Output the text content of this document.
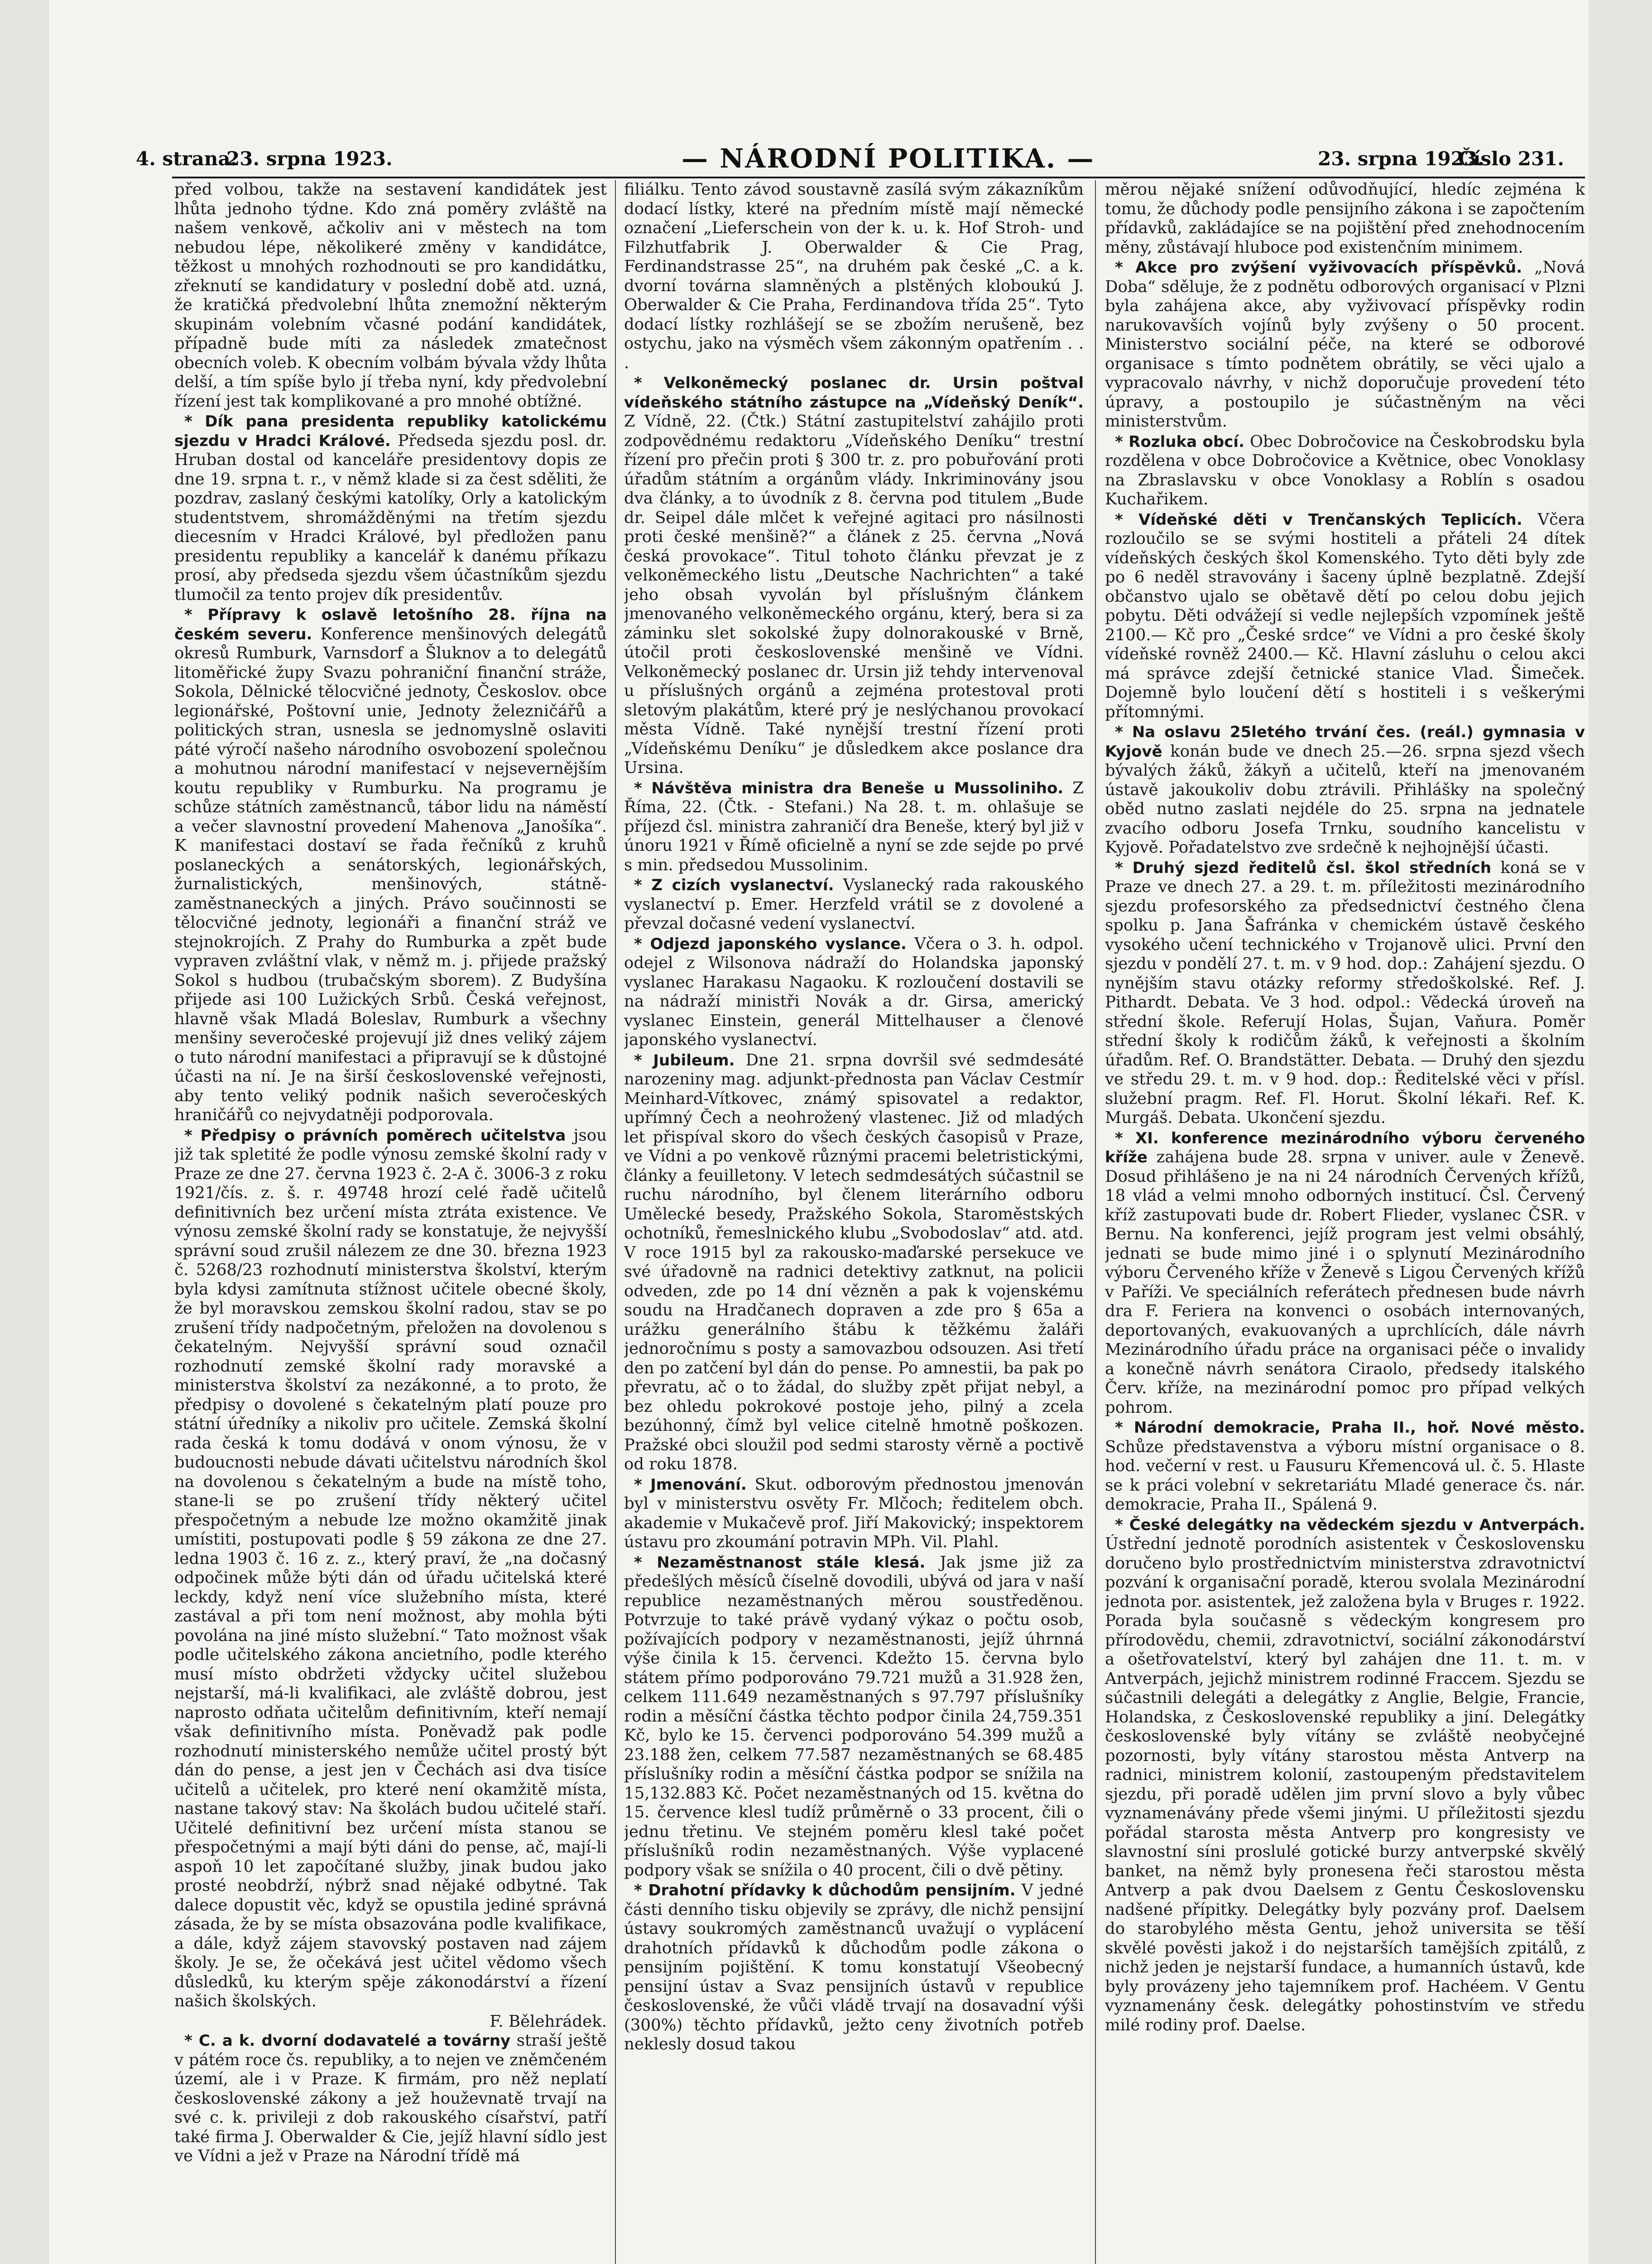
4. strana.
23. srpna 1923.	— NÁRODNÍ POLITIKA. —	23. srpna 1923.
Číslo 231.

před volbou, takže na sestavení kandidátek jest lhůta jednoho týdne. Kdo zná poměry zvláště na našem venkově, ačkoliv ani v městech na tom nebudou lépe, několikeré změny v kandidátce, těžkost u mnohých rozhodnouti se pro kandidátku, zřeknutí se kandidatury v poslední době atd. uzná, že kratičká předvolební lhůta znemožní některým skupinám volebním včasné podání kandidátek, případně bude míti za následek zmatečnost obecních voleb. K obecním volbám bývala vždy lhůta delší, a tím spíše bylo jí třeba nyní, kdy předvolební řízení jest tak komplikované a pro mnohé obtížné.

* Dík pana presidenta republiky katolickému sjezdu v Hradci Králové. Předseda sjezdu posl. dr. Hruban dostal od kanceláře presidentovy dopis ze dne 19. srpna t. r., v němž klade si za čest sděliti, že pozdrav, zaslaný českými katolíky, Orly a katolickým studentstvem, shromážděnými na třetím sjezdu diecesním v Hradci Králové, byl předložen panu presidentu republiky a kancelář k danému příkazu prosí, aby předseda sjezdu všem účastníkům sjezdu tlumočil za tento projev dík presidentův.

* Přípravy k oslavě letošního 28. října na českém severu. Konference menšinových delegátů okresů Rumburk, Varnsdorf a Šluknov a to delegátů litoměřické župy Svazu pohraniční finanční stráže, Sokola, Dělnické tělocvičné jednoty, Českoslov. obce legionářské, Poštovní unie, Jednoty železničářů a politických stran, usnesla se jednomyslně oslaviti páté výročí našeho národního osvobození společnou a mohutnou národní manifestací v nejsevernějším koutu republiky v Rumburku. Na programu je schůze státních zaměstnanců, tábor lidu na náměstí a večer slavnostní provedení Mahenova „Janošíka“. K manifestaci dostaví se řada řečníků z kruhů poslaneckých a senátorských, legionářských, žurnalistických, menšinových, státně-zaměstnaneckých a jiných. Právo součinnosti se tělocvičné jednoty, legionáři a finanční stráž ve stejnokrojích. Z Prahy do Rumburka a zpět bude vypraven zvláštní vlak, v němž m. j. přijede pražský Sokol s hudbou (trubačským sborem). Z Budyšína přijede asi 100 Lužických Srbů. Česká veřejnost, hlavně však Mladá Boleslav, Rumburk a všechny menšiny severočeské projevují již dnes veliký zájem o tuto národní manifestaci a připravují se k důstojné účasti na ní. Je na širší československé veřejnosti, aby tento veliký podnik našich severočeských hraničářů co nejvydatněji podporovala.

* Předpisy o právních poměrech učitelstva jsou již tak spletité že podle výnosu zemské školní rady v Praze ze dne 27. června 1923 č. 2-A č. 3006-3 z roku 1921/čís. z. š. r. 49748 hrozí celé řadě učitelů definitivních bez určení místa ztráta existence. Ve výnosu zemské školní rady se konstatuje, že nejvyšší správní soud zrušil nálezem ze dne 30. března 1923 č. 5268/23 rozhodnutí ministerstva školství, kterým byla kdysi zamítnuta stížnost učitele obecné školy, že byl moravskou zemskou školní radou, stav se po zrušení třídy nadpočetným, přeložen na dovolenou s čekatelným. Nejvyšší správní soud označil rozhodnutí zemské školní rady moravské a ministerstva školství za nezákonné, a to proto, že předpisy o dovolené s čekatelným platí pouze pro státní úředníky a nikoliv pro učitele. Zemská školní rada česká k tomu dodává v onom výnosu, že v budoucnosti nebude dávati učitelstvu národních škol na dovolenou s čekatelným a bude na místě toho, stane-li se po zrušení třídy některý učitel přespočetným a nebude lze možno okamžitě jinak umístiti, postupovati podle § 59 zákona ze dne 27. ledna 1903 č. 16 z. z., který praví, že „na dočasný odpočinek může býti dán od úřadu učitelská které leckdy, když není více služebního místa, které zastával a při tom není možnost, aby mohla býti povolána na jiné místo služební.“ Tato možnost však podle učitelského zákona ancietního, podle kterého musí místo obdržeti vždycky učitel služebou nejstarší, má-li kvalifikaci, ale zvláště dobrou, jest naprosto odňata učitelům definitivním, kteří nemají však definitivního místa. Poněvadž pak podle rozhodnutí ministerského nemůže učitel prostý být dán do pense, a jest jen v Čechách asi dva tisíce učitelů a učitelek, pro které není okamžitě místa, nastane takový stav: Na školách budou učitelé staří. Učitelé definitivní bez určení místa stanou se přespočetnými a mají býti dáni do pense, ač, mají-li aspoň 10 let započítané služby, jinak budou jako prosté neobdrží, nýbrž snad nějaké odbytné. Tak dalece dopustit věc, když se opustila jediné správná zásada, že by se místa obsazována podle kvalifikace, a dále, když zájem stavovský postaven nad zájem školy. Je se, že očekává jest učitel vědomo všech důsledků, ku kterým spěje zákonodárství a řízení našich školských.

F. Bělehrádek.

* C. a k. dvorní dodavatelé a továrny straší ještě v pátém roce čs. republiky, a to nejen ve zněmčeném území, ale i v Praze. K firmám, pro něž neplatí československé zákony a jež houževnatě trvají na své c. k. privileji z dob rakouského císařství, patří také firma J. Oberwalder & Cie, jejíž hlavní sídlo jest ve Vídni a jež v Praze na Národní třídě má

filiálku. Tento závod soustavně zasílá svým zákazníkům dodací lístky, které na předním místě mají německé označení „Lieferschein von der k. u. k. Hof Stroh- und Filzhutfabrik J. Oberwalder & Cie Prag, Ferdinandstrasse 25“, na druhém pak české „C. a k. dvorní továrna slamněných a plstěných kloboukú J. Oberwalder & Cie Praha, Ferdinandova třída 25“. Tyto dodací lístky rozhlášejí se se zbožím nerušeně, bez ostychu, jako na výsměch všem zákonným opatřením . . .

* Velkoněmecký poslanec dr. Ursin poštval vídeňského státního zástupce na „Vídeňský Deník“. Z Vídně, 22. (Čtk.) Státní zastupitelství zahájilo proti zodpovědnému redaktoru „Vídeňského Deníku“ trestní řízení pro přečin proti § 300 tr. z. pro pobuřování proti úřadům státním a orgánům vlády. Inkriminovány jsou dva články, a to úvodník z 8. června pod titulem „Bude dr. Seipel dále mlčet k veřejné agitaci pro násilnosti proti české menšině?“ a článek z 25. června „Nová česká provokace“. Titul tohoto článku převzat je z velkoněmeckého listu „Deutsche Nachrichten“ a také jeho obsah vyvolán byl příslušným článkem jmenovaného velkoněmeckého orgánu, který, bera si za záminku slet sokolské župy dolnorakouské v Brně, útočil proti československé menšině ve Vídni. Velkoněmecký poslanec dr. Ursin již tehdy intervenoval u příslušných orgánů a zejména protestoval proti sletovým plakátům, které prý je neslýchanou provokací města Vídně. Také nynější trestní řízení proti „Vídeňskému Deníku“ je důsledkem akce poslance dra Ursina.

* Návštěva ministra dra Beneše u Mussoliniho. Z Říma, 22. (Čtk. - Stefani.) Na 28. t. m. ohlašuje se příjezd čsl. ministra zahraničí dra Beneše, který byl již v únoru 1921 v Římě oficielně a nyní se zde sejde po prvé s min. předsedou Mussolinim.

* Z cizích vyslanectví. Vyslanecký rada rakouského vyslanectví p. Emer. Herzfeld vrátil se z dovolené a převzal dočasné vedení vyslanectví.

* Odjezd japonského vyslance. Včera o 3. h. odpol. odejel z Wilsonova nádraží do Holandska japonský vyslanec Harakasu Nagaoku. K rozloučení dostavili se na nádraží ministři Novák a dr. Girsa, americký vyslanec Einstein, generál Mittelhauser a členové japonského vyslanectví.

* Jubileum. Dne 21. srpna dovršil své sedmdesáté narozeniny mag. adjunkt-přednosta pan Václav Cestmír Meinhard-Vítkovec, známý spisovatel a redaktor, upřímný Čech a neohrožený vlastenec. Již od mladých let přispíval skoro do všech českých časopisů v Praze, ve Vídni a po venkově různými pracemi beletristickými, články a feuilletony. V letech sedmdesátých súčastnil se ruchu národního, byl členem literárního odboru Umělecké besedy, Pražského Sokola, Staroměstských ochotníků, řemeslnického klubu „Svobodoslav“ atd. atd. V roce 1915 byl za rakousko-maďarské persekuce ve své úřadovně na radnici detektivy zatknut, na policii odveden, zde po 14 dní vězněn a pak k vojenskému soudu na Hradčanech dopraven a zde pro § 65a a urážku generálního štábu k těžkému žaláři jednoročnímu s posty a samovazbou odsouzen. Asi třetí den po zatčení byl dán do pense. Po amnestii, ba pak po převratu, ač o to žádal, do služby zpět přijat nebyl, a bez ohledu pokrokové postoje jeho, pilný a zcela bezúhonný, čímž byl velice citelně hmotně poškozen. Pražské obci sloužil pod sedmi starosty věrně a poctivě od roku 1878.

* Jmenování. Skut. odborovým přednostou jmenován byl v ministerstvu osvěty Fr. Mlčoch; ředitelem obch. akademie v Mukačevě prof. Jiří Makovický; inspektorem ústavu pro zkoumání potravin MPh. Vil. Plahl.

* Nezaměstnanost stále klesá. Jak jsme již za předešlých měsíců číselně dovodili, ubývá od jara v naší republice nezaměstnaných měrou soustředěnou. Potvrzuje to také právě vydaný výkaz o počtu osob, požívajících podpory v nezaměstnanosti, jejíž úhrnná výše činila k 15. červenci. Kdežto 15. června bylo státem přímo podporováno 79.721 mužů a 31.928 žen, celkem 111.649 nezaměstnaných s 97.797 příslušníky rodin a měsíční částka těchto podpor činila 24,759.351 Kč, bylo ke 15. červenci podporováno 54.399 mužů a 23.188 žen, celkem 77.587 nezaměstnaných se 68.485 příslušníky rodin a měsíční částka podpor se snížila na 15,132.883 Kč. Počet nezaměstnaných od 15. května do 15. července klesl tudíž průměrně o 33 procent, čili o jednu třetinu. Ve stejném poměru klesl také počet příslušníků rodin nezaměstnaných. Výše vyplacené podpory však se snížila o 40 procent, čili o dvě pětiny.

* Drahotní přídavky k důchodům pensijním. V jedné části denního tisku objevily se zprávy, dle nichž pensijní ústavy soukromých zaměstnanců uvažují o vyplácení drahotních přídavků k důchodům podle zákona o pensijním pojištění. K tomu konstatují Všeobecný pensijní ústav a Svaz pensijních ústavů v republice československé, že vůči vládě trvají na dosavadní výši (300%) těchto přídavků, ježto ceny životních potřeb neklesly dosud takou

měrou nějaké snížení odůvodňující, hledíc zejména k tomu, že důchody podle pensijního zákona i se započtením přídavků, zakládajíce se na pojištění před znehodnocením měny, zůstávají hluboce pod existenčním minimem.

* Akce pro zvýšení vyživovacích příspěvků. „Nová Doba“ sděluje, že z podnětu odborových organisací v Plzni byla zahájena akce, aby vyživovací příspěvky rodin narukovavších vojínů byly zvýšeny o 50 procent. Ministerstvo sociální péče, na které se odborové organisace s tímto podnětem obrátily, se věci ujalo a vypracovalo návrhy, v nichž doporučuje provedení této úpravy, a postoupilo je súčastněným na věci ministerstvům.

* Rozluka obcí. Obec Dobročovice na Českobrodsku byla rozdělena v obce Dobročovice a Květnice, obec Vonoklasy na Zbraslavsku v obce Vonoklasy a Roblín s osadou Kuchařikem.

* Vídeňské děti v Trenčanských Teplicích. Včera rozloučilo se se svými hostiteli a přáteli 24 dítek vídeňských českých škol Komenského. Tyto děti byly zde po 6 neděl stravovány i šaceny úplně bezplatně. Zdejší občanstvo ujalo se obětavě dětí po celou dobu jejich pobytu. Děti odvážejí si vedle nejlepších vzpomínek ještě 2100.— Kč pro „České srdce“ ve Vídni a pro české školy vídeňské rovněž 2400.— Kč. Hlavní zásluhu o celou akci má správce zdejší četnické stanice Vlad. Šimeček. Dojemně bylo loučení dětí s hostiteli i s veškerými přítomnými.

* Na oslavu 25letého trvání čes. (reál.) gymnasia v Kyjově konán bude ve dnech 25.—26. srpna sjezd všech bývalých žáků, žákyň a učitelů, kteří na jmenovaném ústavě jakoukoliv dobu ztrávili. Přihlášky na společný oběd nutno zaslati nejdéle do 25. srpna na jednatele zvacího odboru Josefa Trnku, soudního kancelistu v Kyjově. Pořadatelstvo zve srdečně k nejhojnější účasti.

* Druhý sjezd ředitelů čsl. škol středních koná se v Praze ve dnech 27. a 29. t. m. příležitosti mezinárodního sjezdu profesorského za předsednictví čestného člena spolku p. Jana Šafránka v chemickém ústavě českého vysokého učení technického v Trojanově ulici. První den sjezdu v pondělí 27. t. m. v 9 hod. dop.: Zahájení sjezdu. O nynějším stavu otázky reformy středoškolské. Ref. J. Pithardt. Debata. Ve 3 hod. odpol.: Vědecká úroveň na střední škole. Referují Holas, Šujan, Vaňura. Poměr střední školy k rodičům žáků, k veřejnosti a školním úřadům. Ref. O. Brandstätter. Debata. — Druhý den sjezdu ve středu 29. t. m. v 9 hod. dop.: Ředitelské věci v přísl. služební pragm. Ref. Fl. Horut. Školní lékaři. Ref. K. Murgáš. Debata. Ukončení sjezdu.

* XI. konference mezinárodního výboru červeného kříže zahájena bude 28. srpna v univer. aule v Ženevě. Dosud přihlášeno je na ni 24 národních Červených křížů, 18 vlád a velmi mnoho odborných institucí. Čsl. Červený kříž zastupovati bude dr. Robert Flieder, vyslanec ČSR. v Bernu. Na konferenci, jejíž program jest velmi obsáhlý, jednati se bude mimo jiné i o splynutí Mezinárodního výboru Červeného kříže v Ženevě s Ligou Červených křížů v Paříži. Ve speciálních referátech přednesen bude návrh dra F. Feriera na konvenci o osobách internovaných, deportovaných, evakuovaných a uprchlících, dále návrh Mezinárodního úřadu práce na organisaci péče o invalidy a konečně návrh senátora Ciraolo, předsedy italského Červ. kříže, na mezinárodní pomoc pro případ velkých pohrom.

* Národní demokracie, Praha II., hoř. Nové město. Schůze představenstva a výboru místní organisace o 8. hod. večerní v rest. u Fausuru Křemencová ul. č. 5. Hlaste se k práci volební v sekretariátu Mladé generace čs. nár. demokracie, Praha II., Spálená 9.

* České delegátky na vědeckém sjezdu v Antverpách. Ústřední jednotě porodních asistentek v Československu doručeno bylo prostřednictvím ministerstva zdravotnictví pozvání k organisační poradě, kterou svolala Mezinárodní jednota por. asistentek, jež založena byla v Bruges r. 1922. Porada byla současně s vědeckým kongresem pro přírodovědu, chemii, zdravotnictví, sociální zákonodárství a ošetřovatelství, který byl zahájen dne 11. t. m. v Antverpách, jejichž ministrem rodinné Fraccem. Sjezdu se súčastnili delegáti a delegátky z Anglie, Belgie, Francie, Holandska, z Československé republiky a jiní. Delegátky československé byly vítány se zvláště neobyčejné pozornosti, byly vítány starostou města Antverp na radnici, ministrem kolonií, zastoupeným představitelem sjezdu, při poradě udělen jim první slovo a byly vůbec vyznamenávány přede všemi jinými. U příležitosti sjezdu pořádal starosta města Antverp pro kongresisty ve slavnostní síni proslulé gotické burzy antverpské skvělý banket, na němž byly pronesena řeči starostou města Antverp a pak dvou Daelsem z Gentu Československu nadšené přípitky. Delegátky byly pozvány prof. Daelsem do starobylého města Gentu, jehož universita se těší skvělé pověsti jakož i do nejstarších tamějších zpitálů, z nichž jeden je nejstarší fundace, a humanních ústavů, kde byly provázeny jeho tajemníkem prof. Hachéem. V Gentu vyznamenány česk. delegátky pohostinstvím ve středu milé rodiny prof. Daelse.
